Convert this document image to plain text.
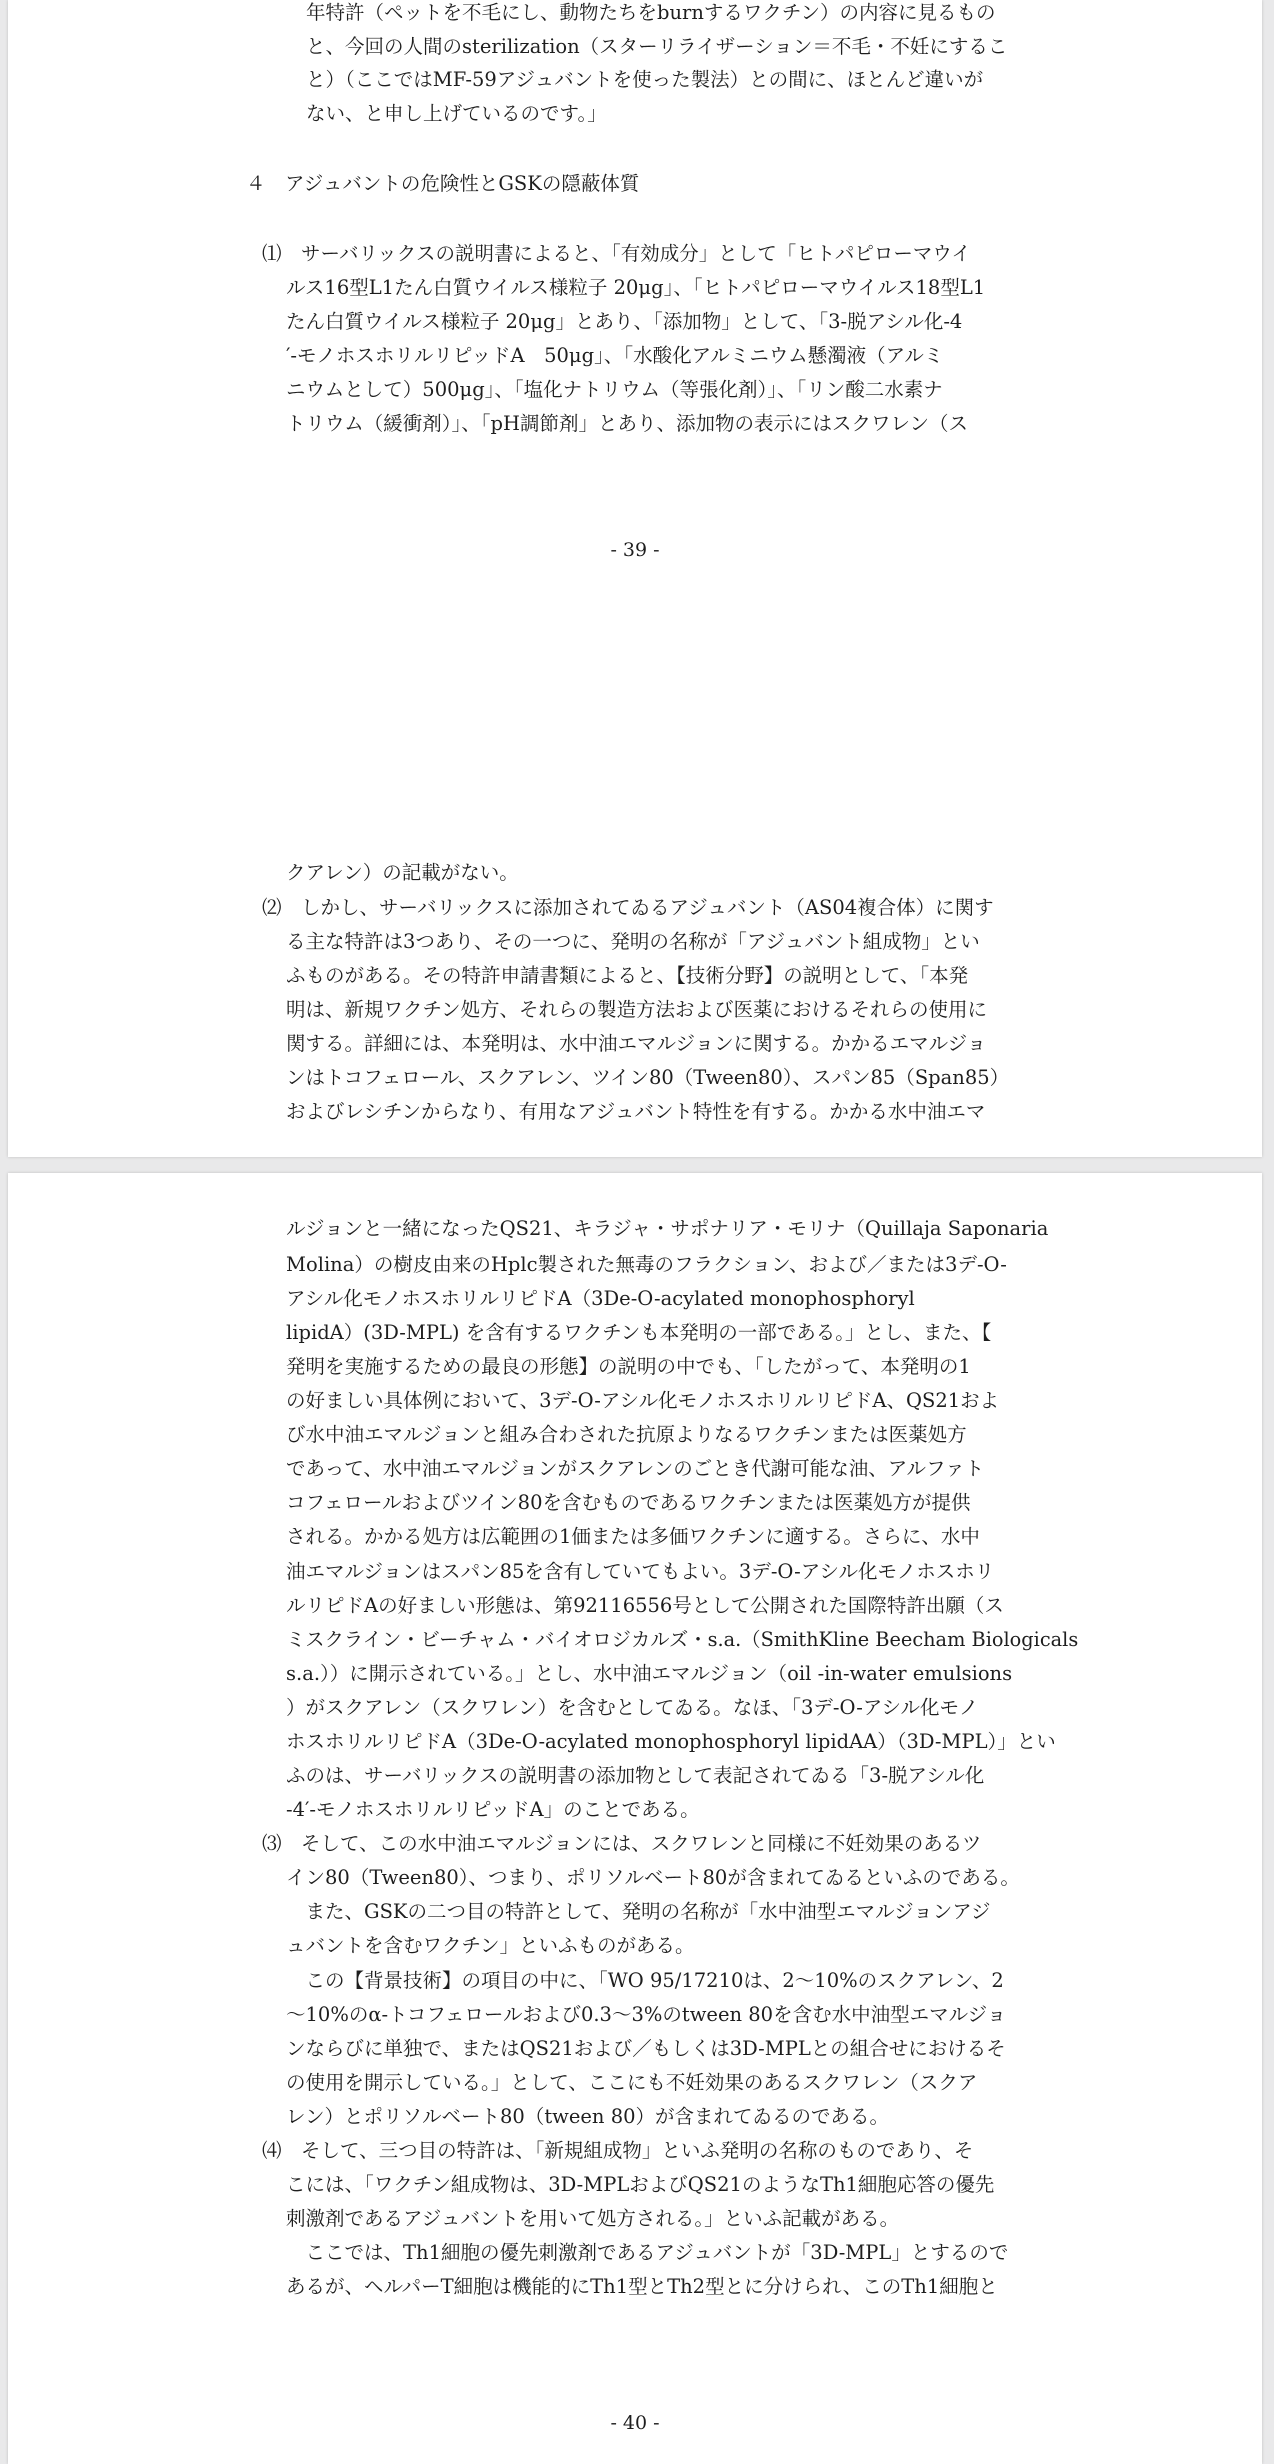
年特許（ペットを不毛にし、動物たちをburnするワクチン）の内容に見るもの

と、今回の人間のsterilization（スターリライザーション＝不毛・不妊にするこ

と）（ここではMF-59アジュバントを使った製法）との間に、ほとんど違いが

ない、と申し上げているのです。」

４　アジュバントの危険性とGSKの隠蔽体質

⑴　サーバリックスの説明書によると、「有効成分」として「ヒトパピローマウイ

ルス16型L1たん白質ウイルス様粒子 20μg」、「ヒトパピローマウイルス18型L1

たん白質ウイルス様粒子 20μg」とあり、「添加物」として、「3-脱アシル化-4

′-モノホスホリルリピッドA　50μg」、「水酸化アルミニウム懸濁液（アルミ

ニウムとして）500μg」、「塩化ナトリウム（等張化剤）」、「リン酸二水素ナ

トリウム（緩衝剤）」、「pH調節剤」とあり、添加物の表示にはスクワレン（ス

- 39 -

クアレン）の記載がない。

⑵　しかし、サーバリックスに添加されてゐるアジュバント（AS04複合体）に関す

る主な特許は3つあり、その一つに、発明の名称が「アジュバント組成物」とい

ふものがある。その特許申請書類によると、【技術分野】の説明として、「本発

明は、新規ワクチン処方、それらの製造方法および医薬におけるそれらの使用に

関する。詳細には、本発明は、水中油エマルジョンに関する。かかるエマルジョ

ンはトコフェロール、スクアレン、ツイン80（Tween80）、スパン85（Span85）

およびレシチンからなり、有用なアジュバント特性を有する。かかる水中油エマ

ルジョンと一緒になったQS21、キラジャ・サポナリア・モリナ（Quillaja Saponaria

Molina）の樹皮由来のHplc製された無毒のフラクション、および／または3デ-O-

アシル化モノホスホリルリピドA（3De-O-acylated monophosphoryl

lipidA）(3D-MPL) を含有するワクチンも本発明の一部である。」とし、また、【

発明を実施するための最良の形態】の説明の中でも、「したがって、本発明の1

の好ましい具体例において、3デ-O-アシル化モノホスホリルリピドA、QS21およ

び水中油エマルジョンと組み合わされた抗原よりなるワクチンまたは医薬処方

であって、水中油エマルジョンがスクアレンのごとき代謝可能な油、アルファト

コフェロールおよびツイン80を含むものであるワクチンまたは医薬処方が提供

される。かかる処方は広範囲の1価または多価ワクチンに適する。さらに、水中

油エマルジョンはスパン85を含有していてもよい。3デ-O-アシル化モノホスホリ

ルリピドAの好ましい形態は、第92116556号として公開された国際特許出願（ス

ミスクライン・ビーチャム・バイオロジカルズ・s.a.（SmithKline Beecham Biologicals

s.a.））に開示されている。」とし、水中油エマルジョン（oil -in-water emulsions

）がスクアレン（スクワレン）を含むとしてゐる。なほ、「3デ-O-アシル化モノ

ホスホリルリピドA（3De-O-acylated monophosphoryl lipidAA）（3D-MPL）」とい

ふのは、サーバリックスの説明書の添加物として表記されてゐる「3-脱アシル化

-4′-モノホスホリルリピッドA」のことである。

⑶　そして、この水中油エマルジョンには、スクワレンと同様に不妊効果のあるツ

イン80（Tween80）、つまり、ポリソルベート80が含まれてゐるといふのである。

　また、GSKの二つ目の特許として、発明の名称が「水中油型エマルジョンアジ

ュバントを含むワクチン」といふものがある。

　この【背景技術】の項目の中に、「WO 95/17210は、2〜10%のスクアレン、2

〜10%のα-トコフェロールおよび0.3〜3%のtween 80を含む水中油型エマルジョ

ンならびに単独で、またはQS21および／もしくは3D-MPLとの組合せにおけるそ

の使用を開示している。」として、ここにも不妊効果のあるスクワレン（スクア

レン）とポリソルベート80（tween 80）が含まれてゐるのである。

⑷　そして、三つ目の特許は、「新規組成物」といふ発明の名称のものであり、そ

こには、「ワクチン組成物は、3D-MPLおよびQS21のようなTh1細胞応答の優先

刺激剤であるアジュバントを用いて処方される。」といふ記載がある。

　ここでは、Th1細胞の優先刺激剤であるアジュバントが「3D-MPL」とするので

あるが、ヘルパーT細胞は機能的にTh1型とTh2型とに分けられ、このTh1細胞と

- 40 -
